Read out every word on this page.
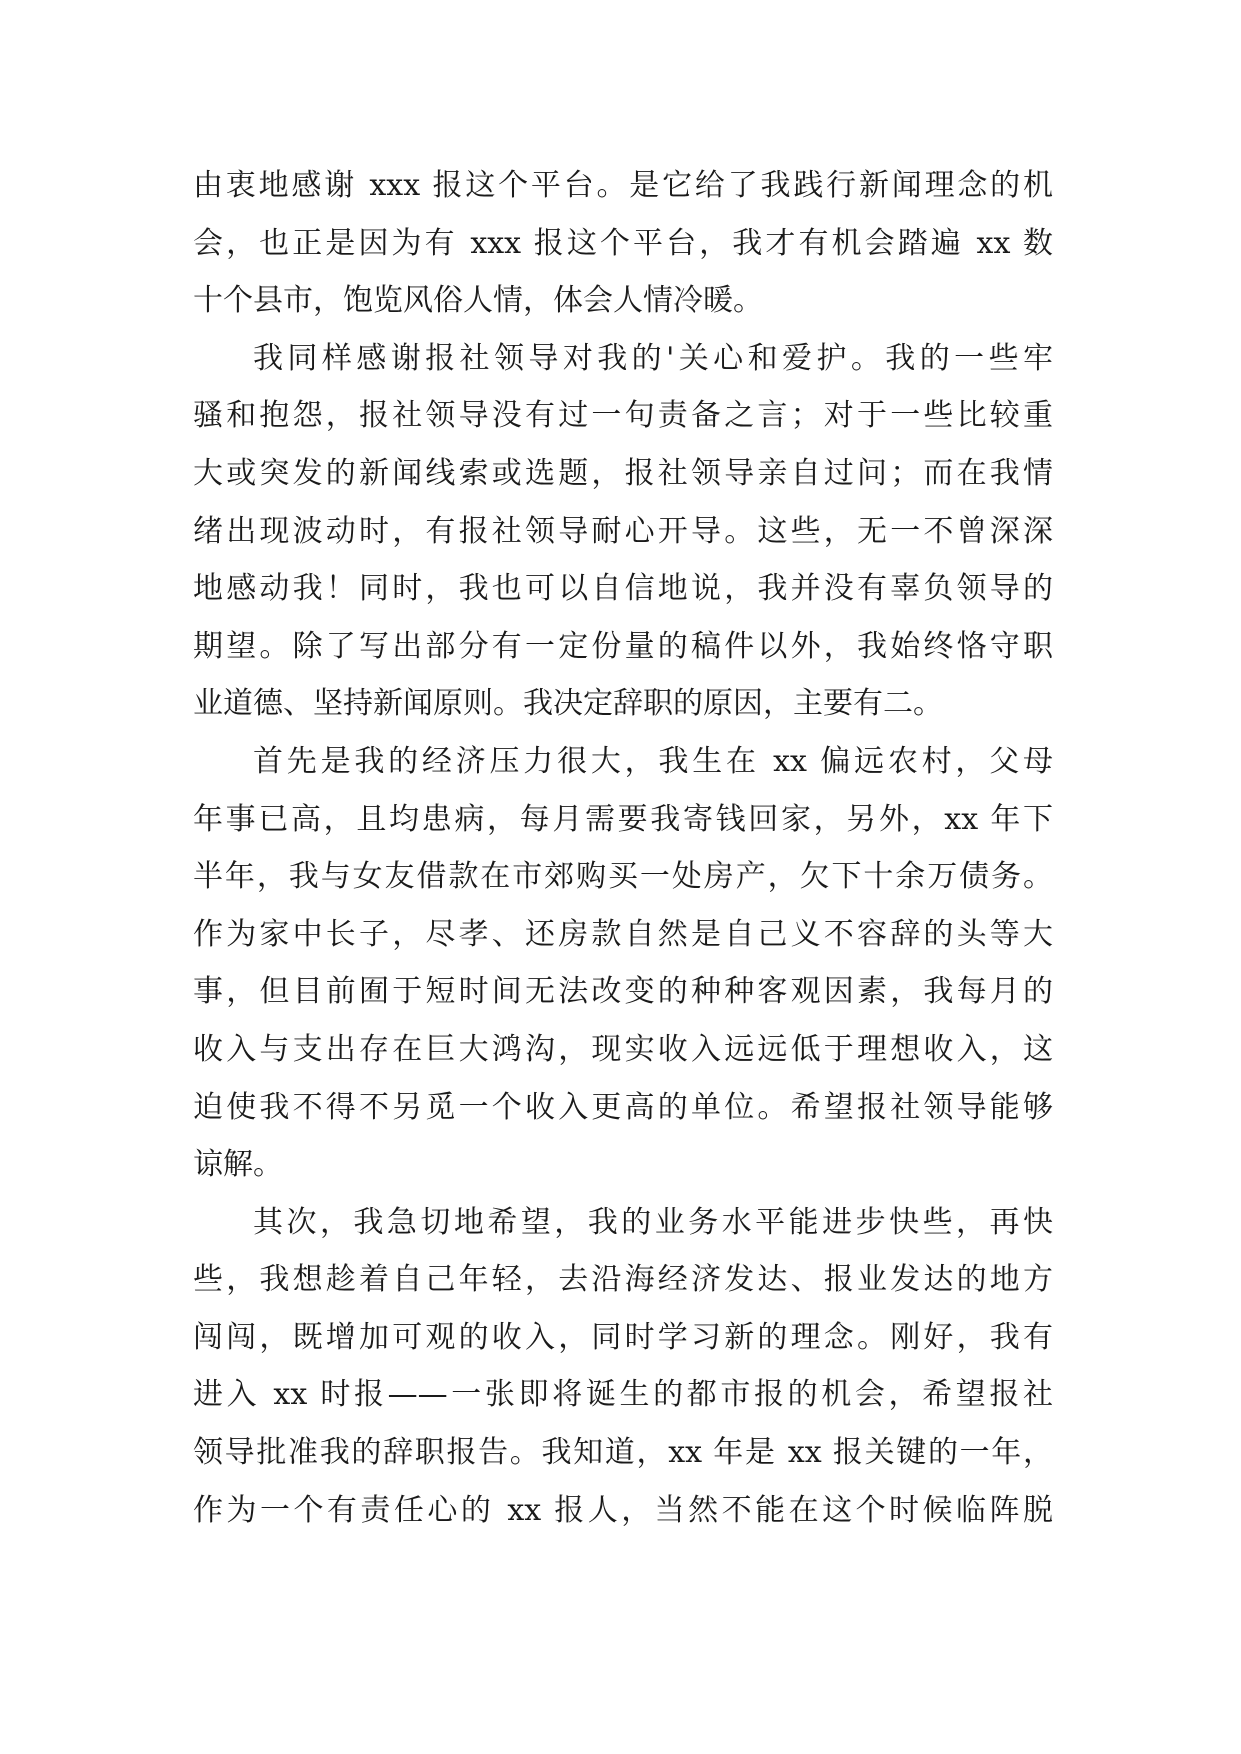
由衷地感谢 xxx 报这个平台。是它给了我践行新闻理念的机
会，也正是因为有 xxx 报这个平台，我才有机会踏遍 xx 数
十个县市，饱览风俗人情，体会人情冷暖。
我同样感谢报社领导对我的'关心和爱护。我的一些牢
骚和抱怨，报社领导没有过一句责备之言；对于一些比较重
大或突发的新闻线索或选题，报社领导亲自过问；而在我情
绪出现波动时，有报社领导耐心开导。这些，无一不曾深深
地感动我！同时，我也可以自信地说，我并没有辜负领导的
期望。除了写出部分有一定份量的稿件以外，我始终恪守职
业道德、坚持新闻原则。我决定辞职的原因，主要有二。
首先是我的经济压力很大，我生在 xx 偏远农村，父母
年事已高，且均患病，每月需要我寄钱回家，另外，xx 年下
半年，我与女友借款在市郊购买一处房产，欠下十余万债务。
作为家中长子，尽孝、还房款自然是自己义不容辞的头等大
事，但目前囿于短时间无法改变的种种客观因素，我每月的
收入与支出存在巨大鸿沟，现实收入远远低于理想收入，这
迫使我不得不另觅一个收入更高的单位。希望报社领导能够
谅解。
其次，我急切地希望，我的业务水平能进步快些，再快
些，我想趁着自己年轻，去沿海经济发达、报业发达的地方
闯闯，既增加可观的收入，同时学习新的理念。刚好，我有
进入 xx 时报——一张即将诞生的都市报的机会，希望报社
领导批准我的辞职报告。我知道，xx 年是 xx 报关键的一年，
作为一个有责任心的 xx 报人，当然不能在这个时候临阵脱
